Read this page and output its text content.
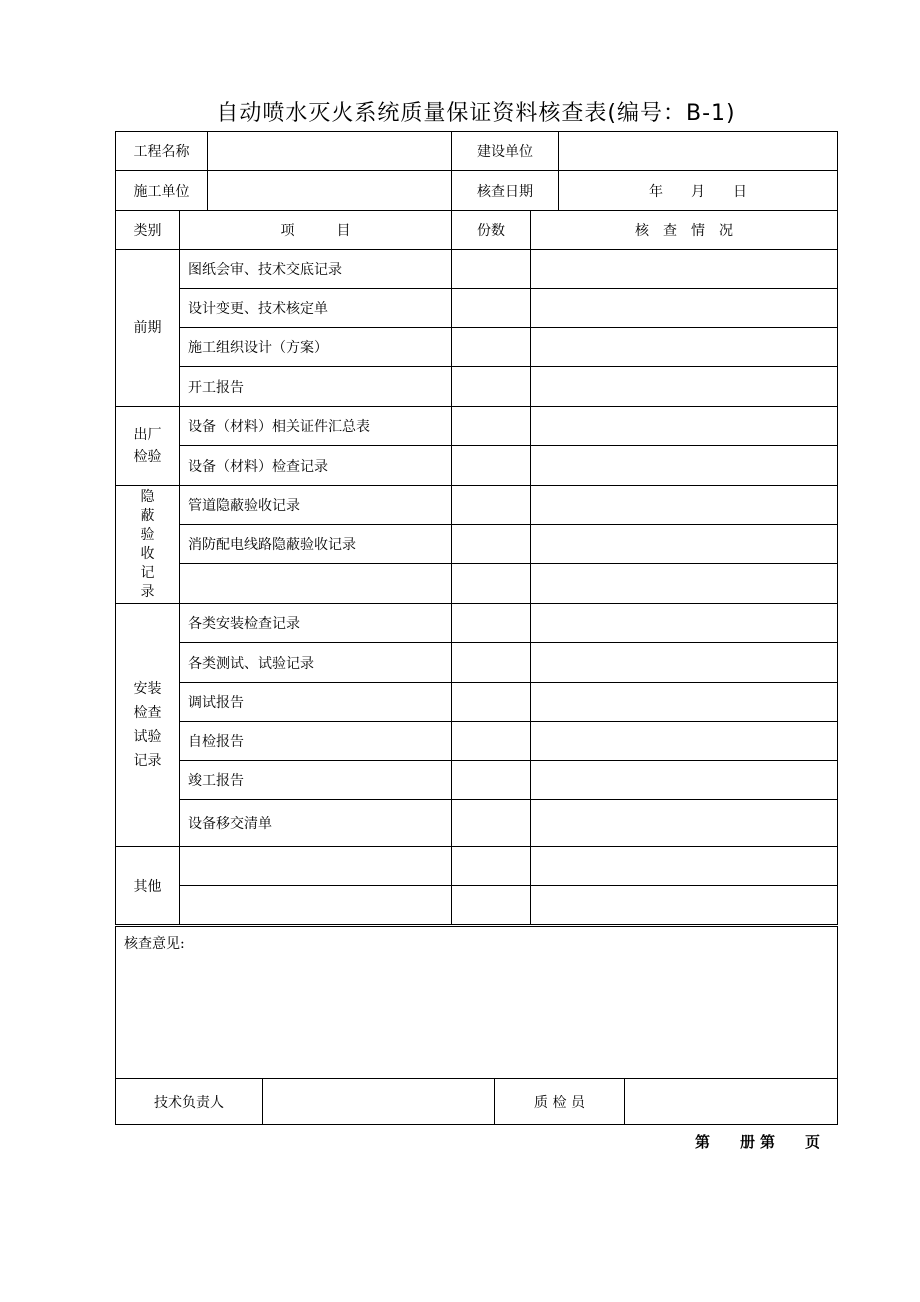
自动喷水灭火系统质量保证资料核查表(编号：B-1)
工程名称		建设单位	
施工单位		核查日期	年　　月　　日
类别	项　　　目	份数	核　查　情　况
前期	图纸会审、技术交底记录		
	设计变更、技术核定单		
	施工组织设计（方案）		
	开工报告		

出厂检验	设备（材料）相关证件汇总表		
	设备（材料）检查记录		

隐蔽验收记录	管道隐蔽验收记录		
	消防配电线路隐蔽验收记录		

安装检查试验记录	各类安装检查记录		
	各类测试、试验记录		
	调试报告		
	自检报告		
	竣工报告		
	设备移交清单		
其他			

核查意见:
技术负责人		质 检 员	
第　　册 第　　页
